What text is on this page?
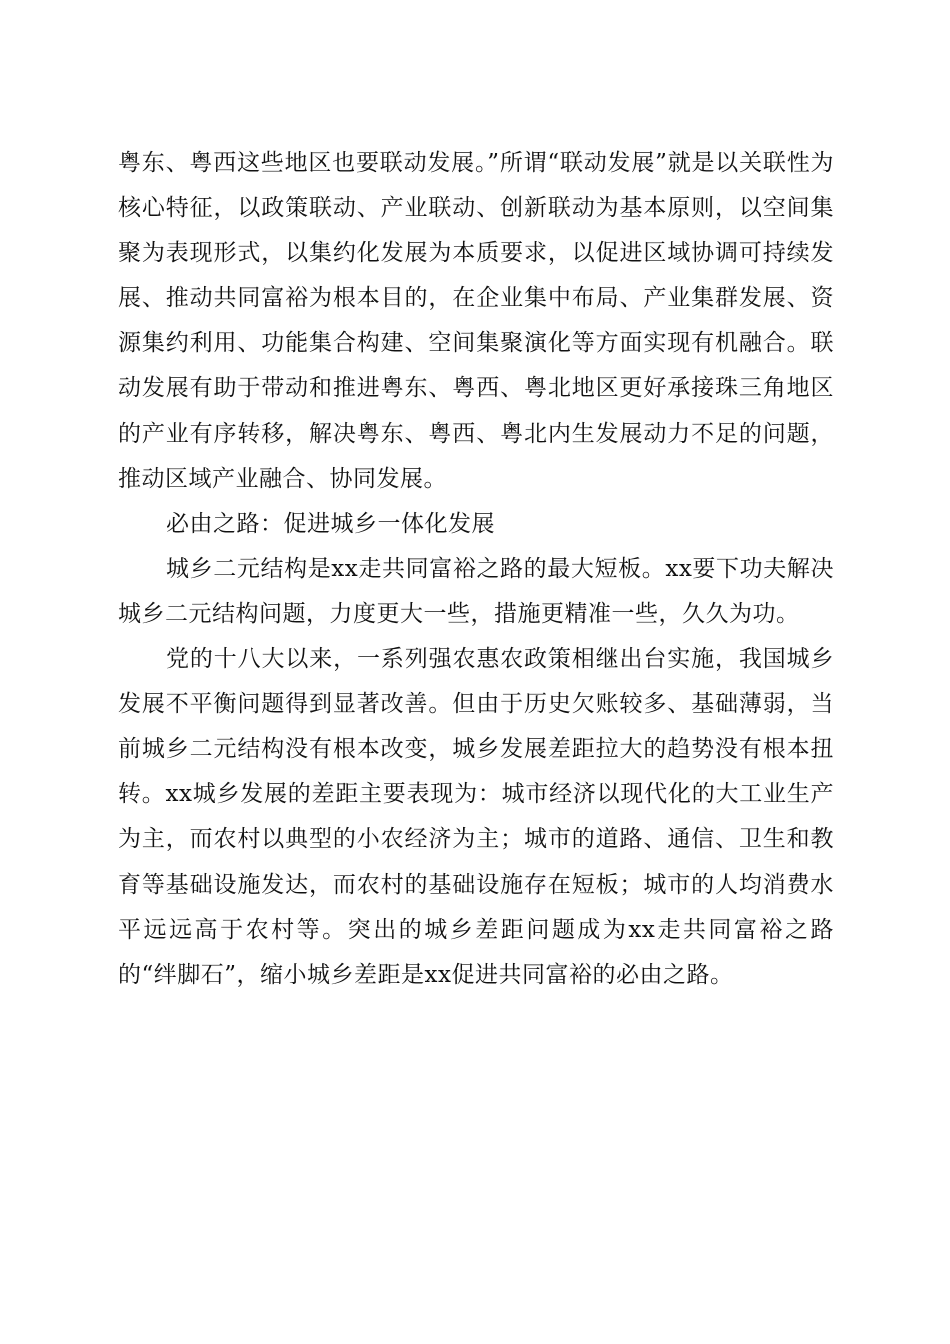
粤东、粤西这些地区也要联动发展。”所谓“联动发展”就是以关联性为核心特征，以政策联动、产业联动、创新联动为基本原则，以空间集聚为表现形式，以集约化发展为本质要求，以促进区域协调可持续发展、推动共同富裕为根本目的，在企业集中布局、产业集群发展、资源集约利用、功能集合构建、空间集聚演化等方面实现有机融合。联动发展有助于带动和推进粤东、粤西、粤北地区更好承接珠三角地区的产业有序转移，解决粤东、粤西、粤北内生发展动力不足的问题，推动区域产业融合、协同发展。

必由之路：促进城乡一体化发展

城乡二元结构是xx走共同富裕之路的最大短板。xx要下功夫解决城乡二元结构问题，力度更大一些，措施更精准一些，久久为功。

党的十八大以来，一系列强农惠农政策相继出台实施，我国城乡发展不平衡问题得到显著改善。但由于历史欠账较多、基础薄弱，当前城乡二元结构没有根本改变，城乡发展差距拉大的趋势没有根本扭转。xx城乡发展的差距主要表现为：城市经济以现代化的大工业生产为主，而农村以典型的小农经济为主；城市的道路、通信、卫生和教育等基础设施发达，而农村的基础设施存在短板；城市的人均消费水平远远高于农村等。突出的城乡差距问题成为xx走共同富裕之路的“绊脚石”，缩小城乡差距是xx促进共同富裕的必由之路。
